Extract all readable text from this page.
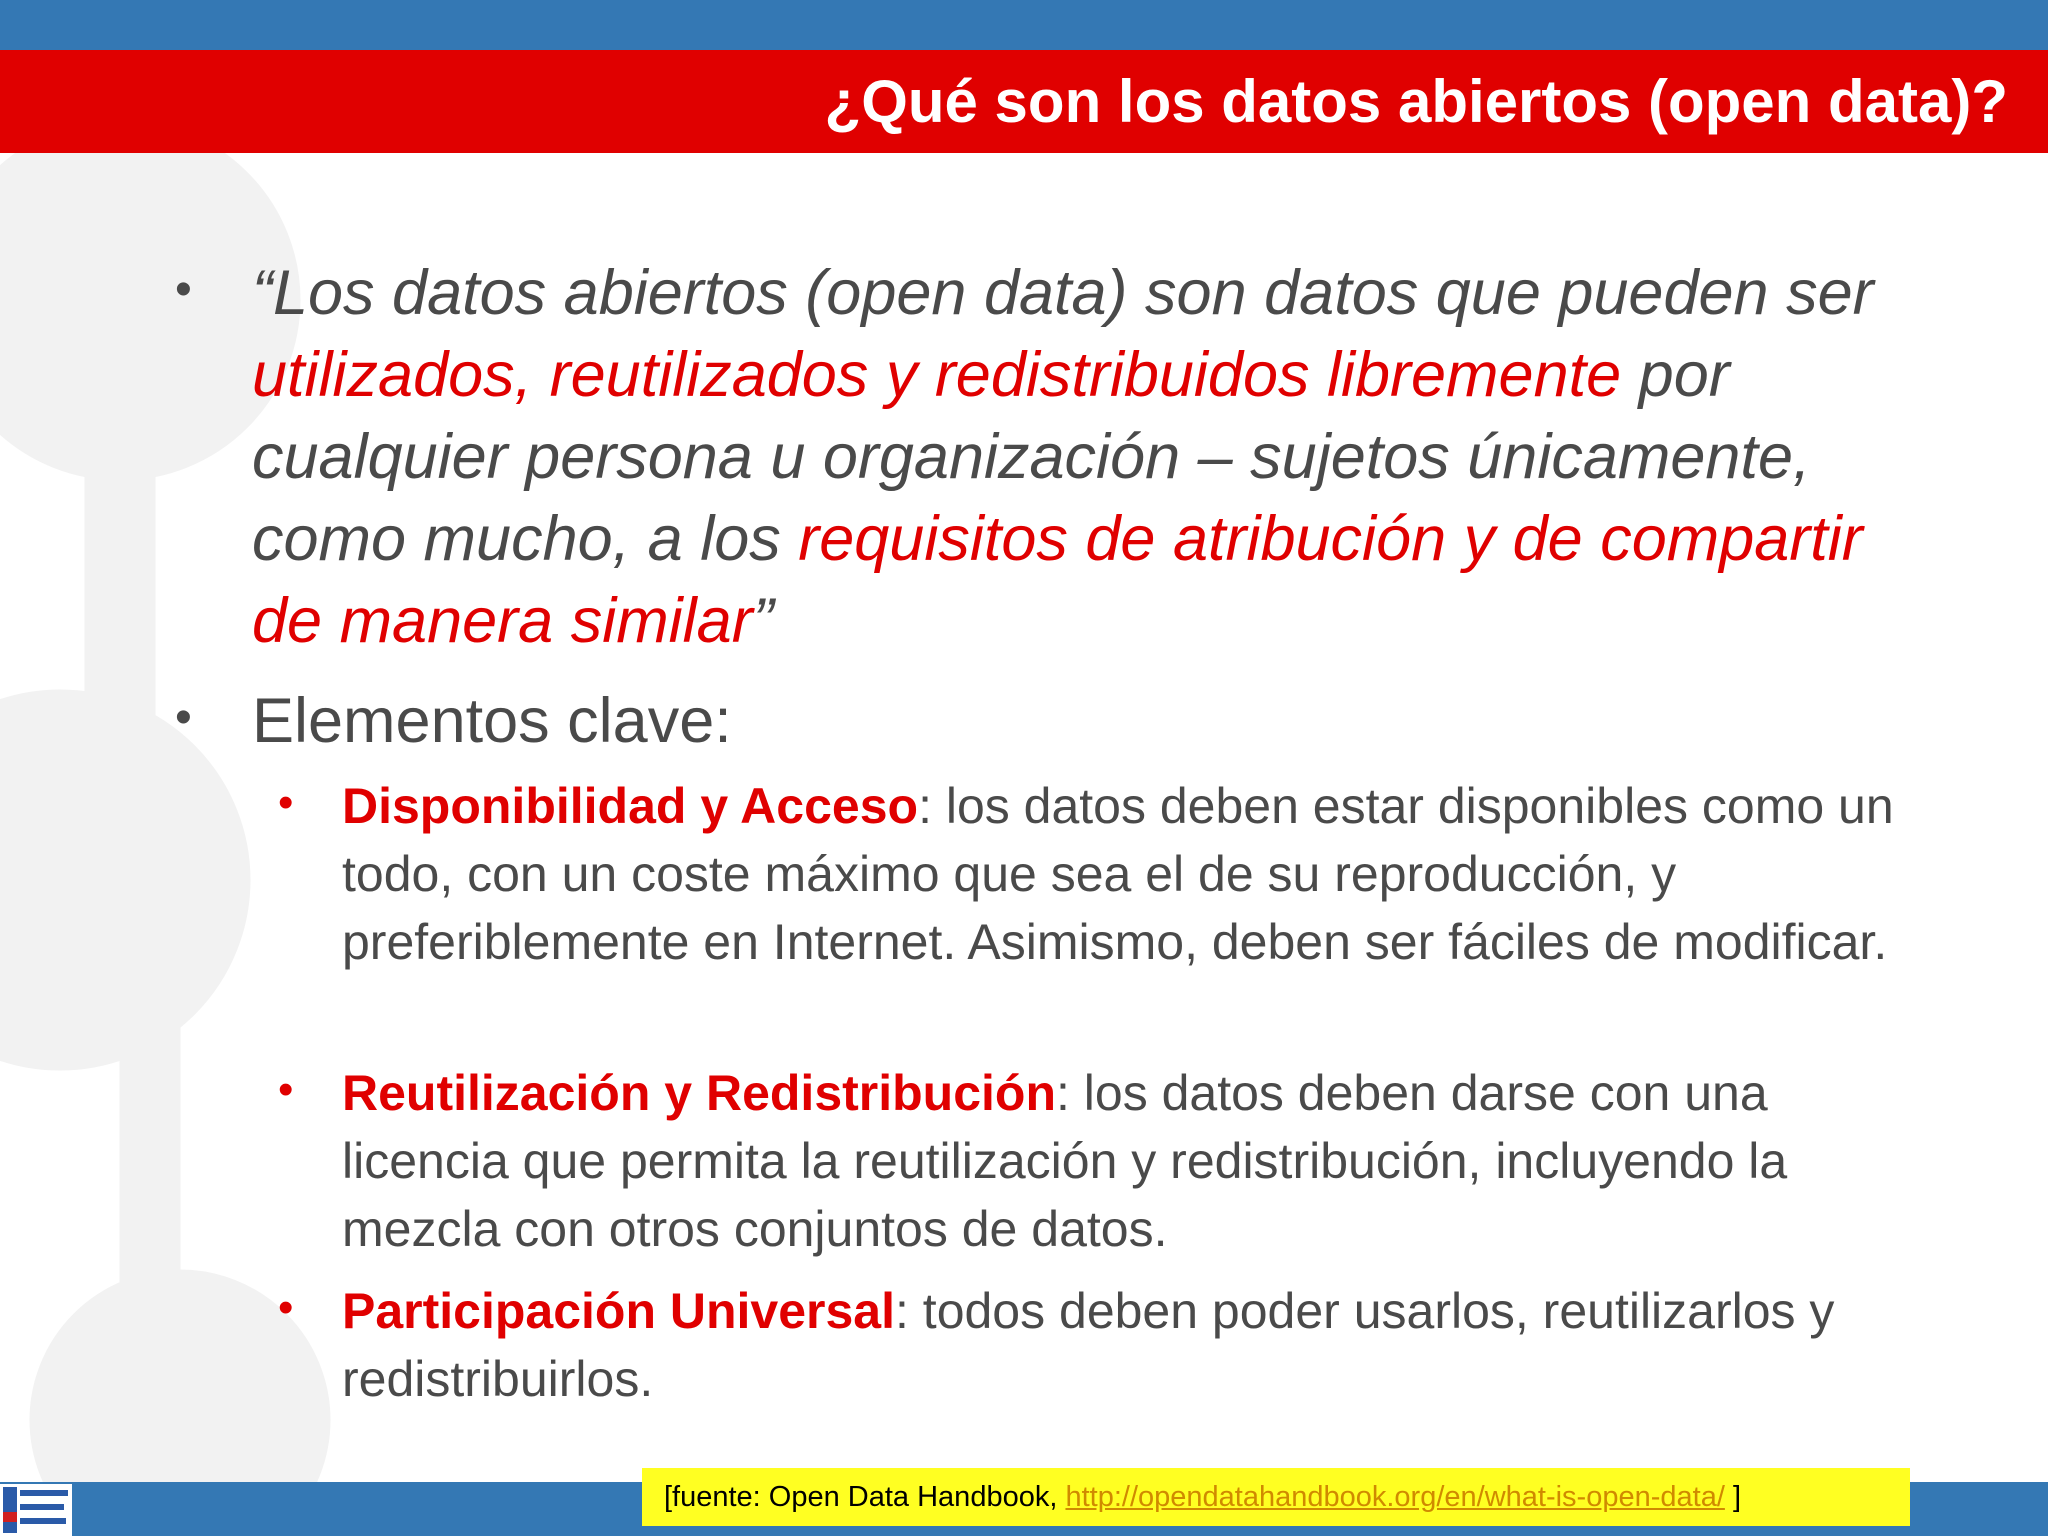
¿Qué son los datos abiertos (open data)?
• “Los datos abiertos (open data) son datos que pueden ser utilizados, reutilizados y redistribuidos libremente por cualquier persona u organización – sujetos únicamente, como mucho, a los requisitos de atribución y de compartir de manera similar”

• Elementos clave:

• Disponibilidad y Acceso: los datos deben estar disponibles como un todo, con un coste máximo que sea el de su reproducción, y preferiblemente en Internet. Asimismo, deben ser fáciles de modificar.

• Reutilización y Redistribución: los datos deben darse con una licencia que permita la reutilización y redistribución, incluyendo la mezcla con otros conjuntos de datos.

• Participación Universal: todos deben poder usarlos, reutilizarlos y redistribuirlos.

[fuente: Open Data Handbook, http://opendatahandbook.org/en/what-is-open-data/ ]
